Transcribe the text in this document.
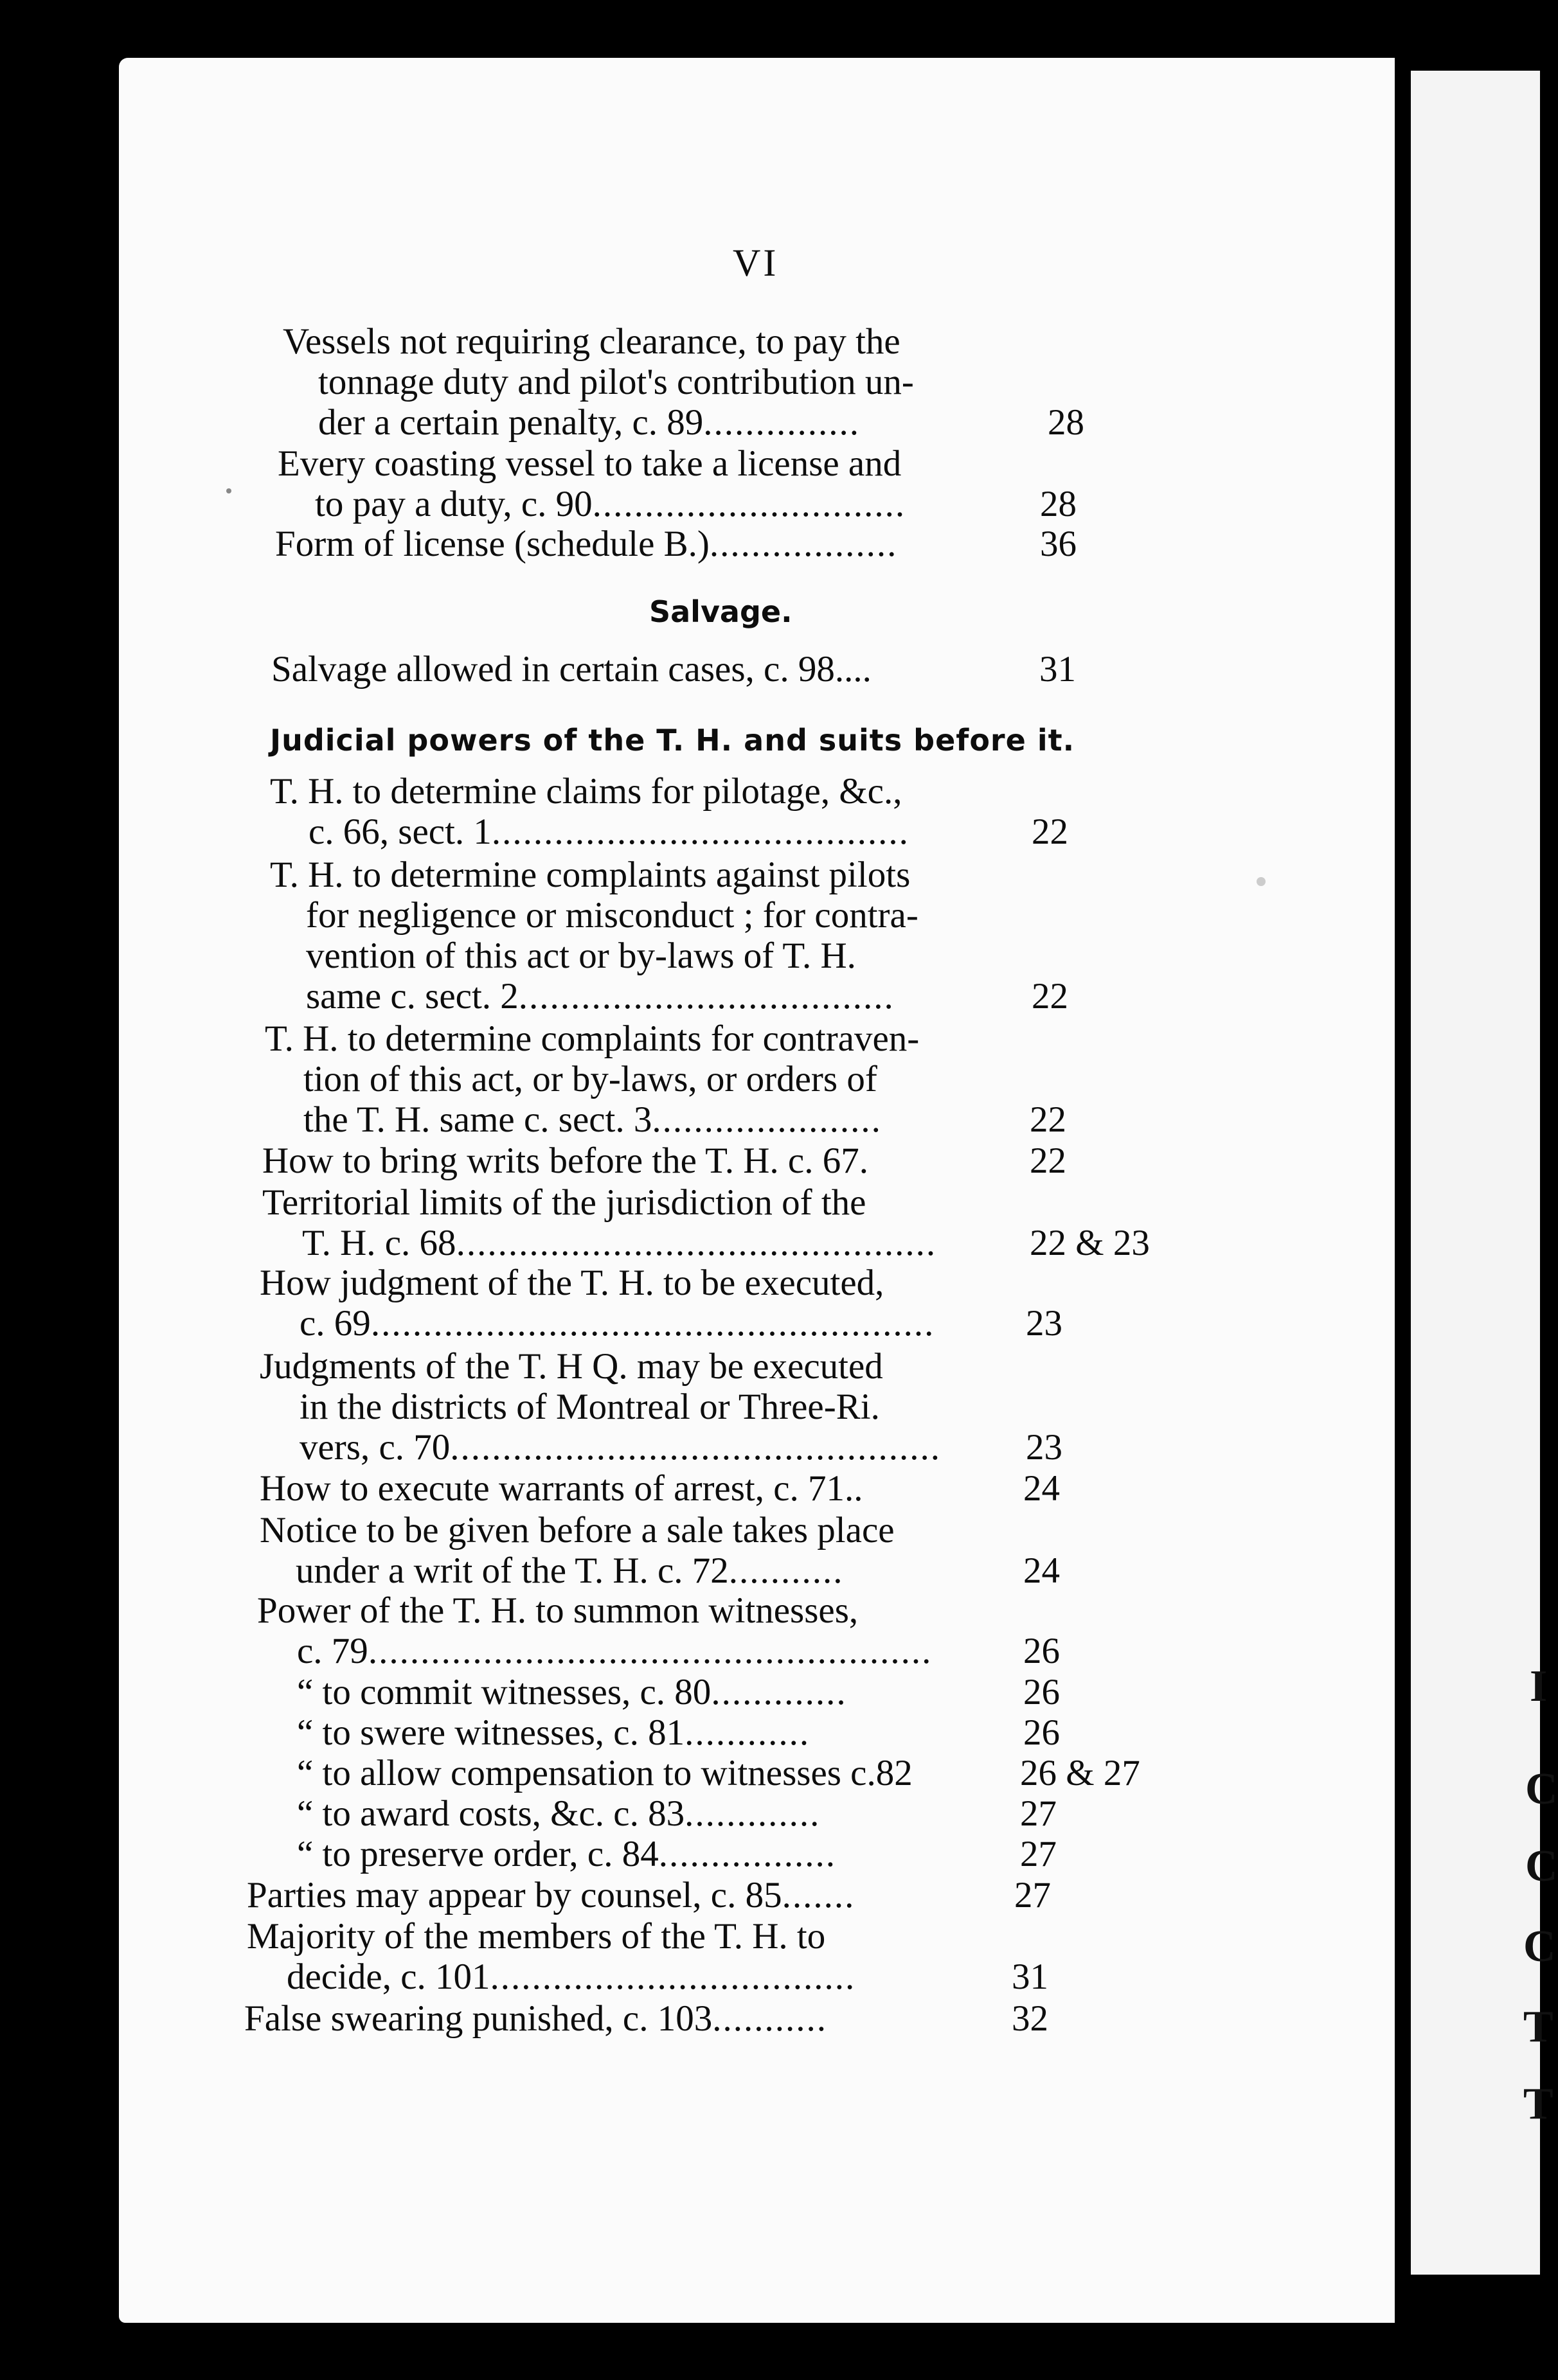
I
C
C
C
T
T
VI
Vessels not requiring clearance, to pay the
tonnage duty and pilot's contribution un-
der a certain penalty, c. 89...............	28
Every coasting vessel to take a license and
to pay a duty, c. 90..............................	28
Form of license (schedule B.)..................	36
Salvage.
Salvage allowed in certain cases, c. 98....	31
Judicial powers of the T. H. and suits before it.
T. H. to determine claims for pilotage, &c.,
c. 66, sect. 1........................................	22
T. H. to determine complaints against pilots
for negligence or misconduct ; for contra-
vention of this act or by-laws of T. H.
same c. sect. 2....................................	22
T. H. to determine complaints for contraven-
tion of this act, or by-laws, or orders of
the T. H. same c. sect. 3......................	22
How to bring writs before the T. H. c. 67.	22
Territorial limits of the jurisdiction of the
T. H. c. 68..............................................	22 & 23
How judgment of the T. H. to be executed,
c. 69......................................................	23
Judgments of the T. H Q. may be executed
in the districts of Montreal or Three-Ri.
vers, c. 70...............................................	23
How to execute warrants of arrest, c. 71..	24
Notice to be given before a sale takes place
under a writ of the T. H. c. 72...........	24
Power of the T. H. to summon witnesses,
c. 79......................................................	26
“ to commit witnesses, c. 80.............	26
“ to swere witnesses, c. 81............	26
“ to allow compensation to witnesses c.82	26 & 27
“ to award costs, &c. c. 83.............	27
“ to preserve order, c. 84.................	27
Parties may appear by counsel, c. 85.......	27
Majority of the members of the T. H. to
decide, c. 101...................................	31
False swearing punished, c. 103...........	32
